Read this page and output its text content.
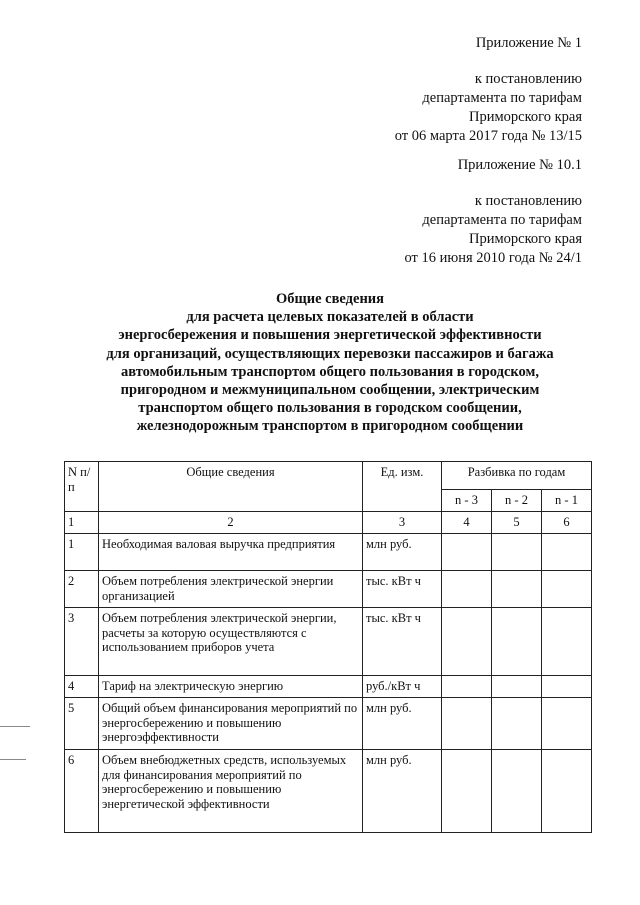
Приложение № 1
к постановлению
департамента по тарифам
Приморского края
от 06 марта 2017 года № 13/15
Приложение № 10.1
к постановлению
департамента по тарифам
Приморского края
от 16 июня 2010 года № 24/1
Общие сведения
для расчета целевых показателей в области
энергосбережения и повышения энергетической эффективности
для организаций, осуществляющих перевозки пассажиров и багажа
автомобильным транспортом общего пользования в городском,
пригородном и межмуниципальном сообщении, электрическим
транспортом общего пользования в городском сообщении,
железнодорожным транспортом в пригородном сообщении
N п/п	Общие сведения	Ед. изм.	Разбивка по годам		
			n - 3	n - 2	n - 1
1	2	3	4	5	6
1	Необходимая валовая выручка предприятия	млн руб.			
2	Объем потребления электрической энергии организацией	тыс. кВт ч			
3	Объем потребления электрической энергии, расчеты за которую осуществляются с использованием приборов учета	тыс. кВт ч			
4	Тариф на электрическую энергию	руб./кВт ч			
5	Общий объем финансирования мероприятий по энергосбережению и повышению энергоэффективности	млн руб.			
6	Объем внебюджетных средств, используемых для финансирования мероприятий по энергосбережению и повышению энергетической эффективности	млн руб.			
